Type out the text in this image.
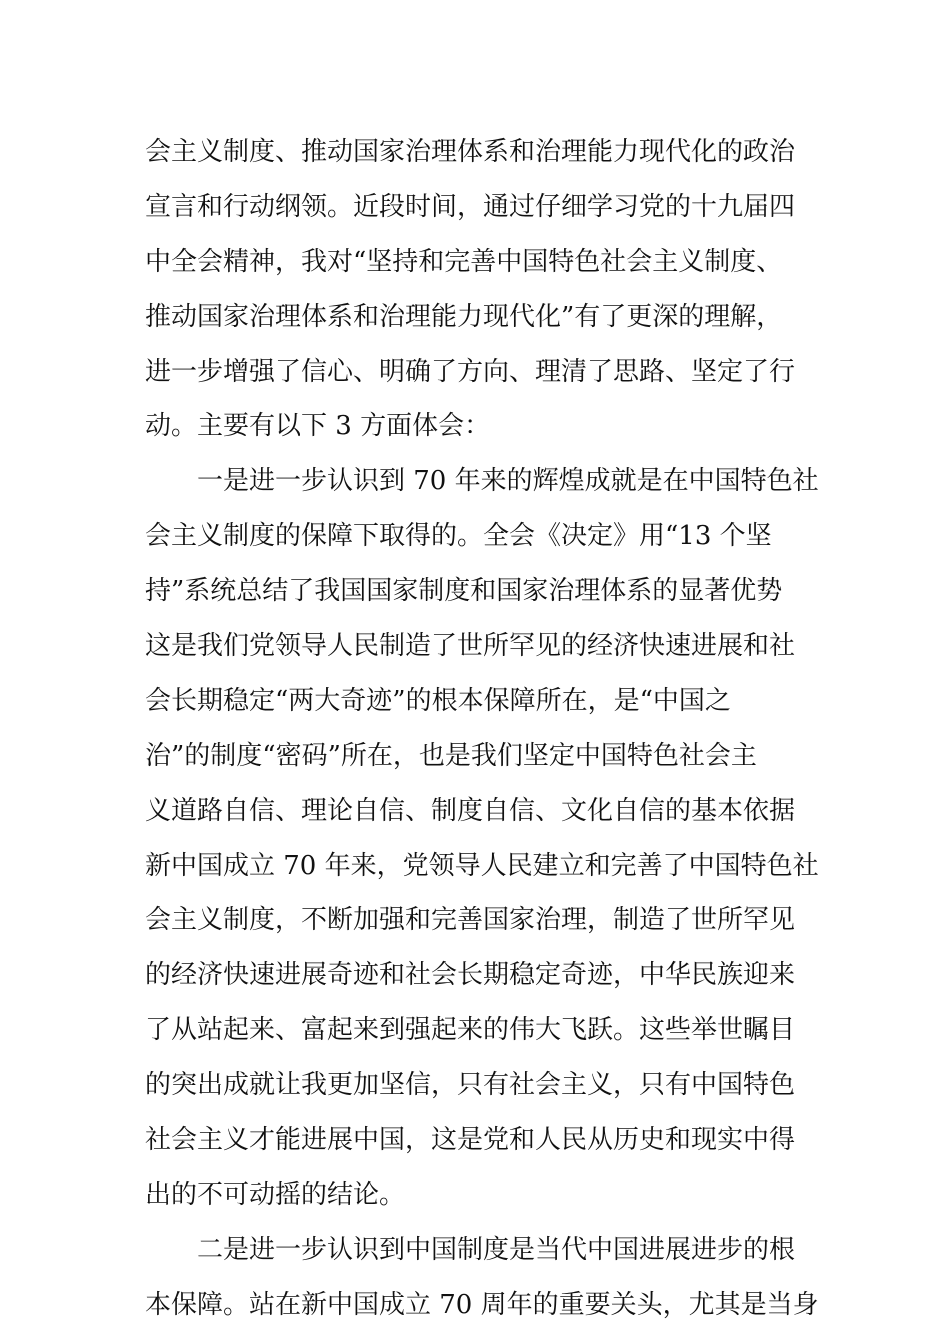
会主义制度、推动国家治理体系和治理能力现代化的政治
宣言和行动纲领。近段时间，通过仔细学习党的十九届四
中全会精神，我对“坚持和完善中国特色社会主义制度、
推动国家治理体系和治理能力现代化”有了更深的理解，
进一步增强了信心、明确了方向、理清了思路、坚定了行
动。主要有以下 3 方面体会：
一是进一步认识到 70 年来的辉煌成就是在中国特色社
会主义制度的保障下取得的。全会《决定》用“13 个坚
持”系统总结了我国国家制度和国家治理体系的显著优势
这是我们党领导人民制造了世所罕见的经济快速进展和社
会长期稳定“两大奇迹”的根本保障所在，是“中国之
治”的制度“密码”所在，也是我们坚定中国特色社会主
义道路自信、理论自信、制度自信、文化自信的基本依据
新中国成立 70 年来，党领导人民建立和完善了中国特色社
会主义制度，不断加强和完善国家治理，制造了世所罕见
的经济快速进展奇迹和社会长期稳定奇迹，中华民族迎来
了从站起来、富起来到强起来的伟大飞跃。这些举世瞩目
的突出成就让我更加坚信，只有社会主义，只有中国特色
社会主义才能进展中国，这是党和人民从历史和现实中得
出的不可动摇的结论。
二是进一步认识到中国制度是当代中国进展进步的根
本保障。站在新中国成立 70 周年的重要关头，尤其是当身
